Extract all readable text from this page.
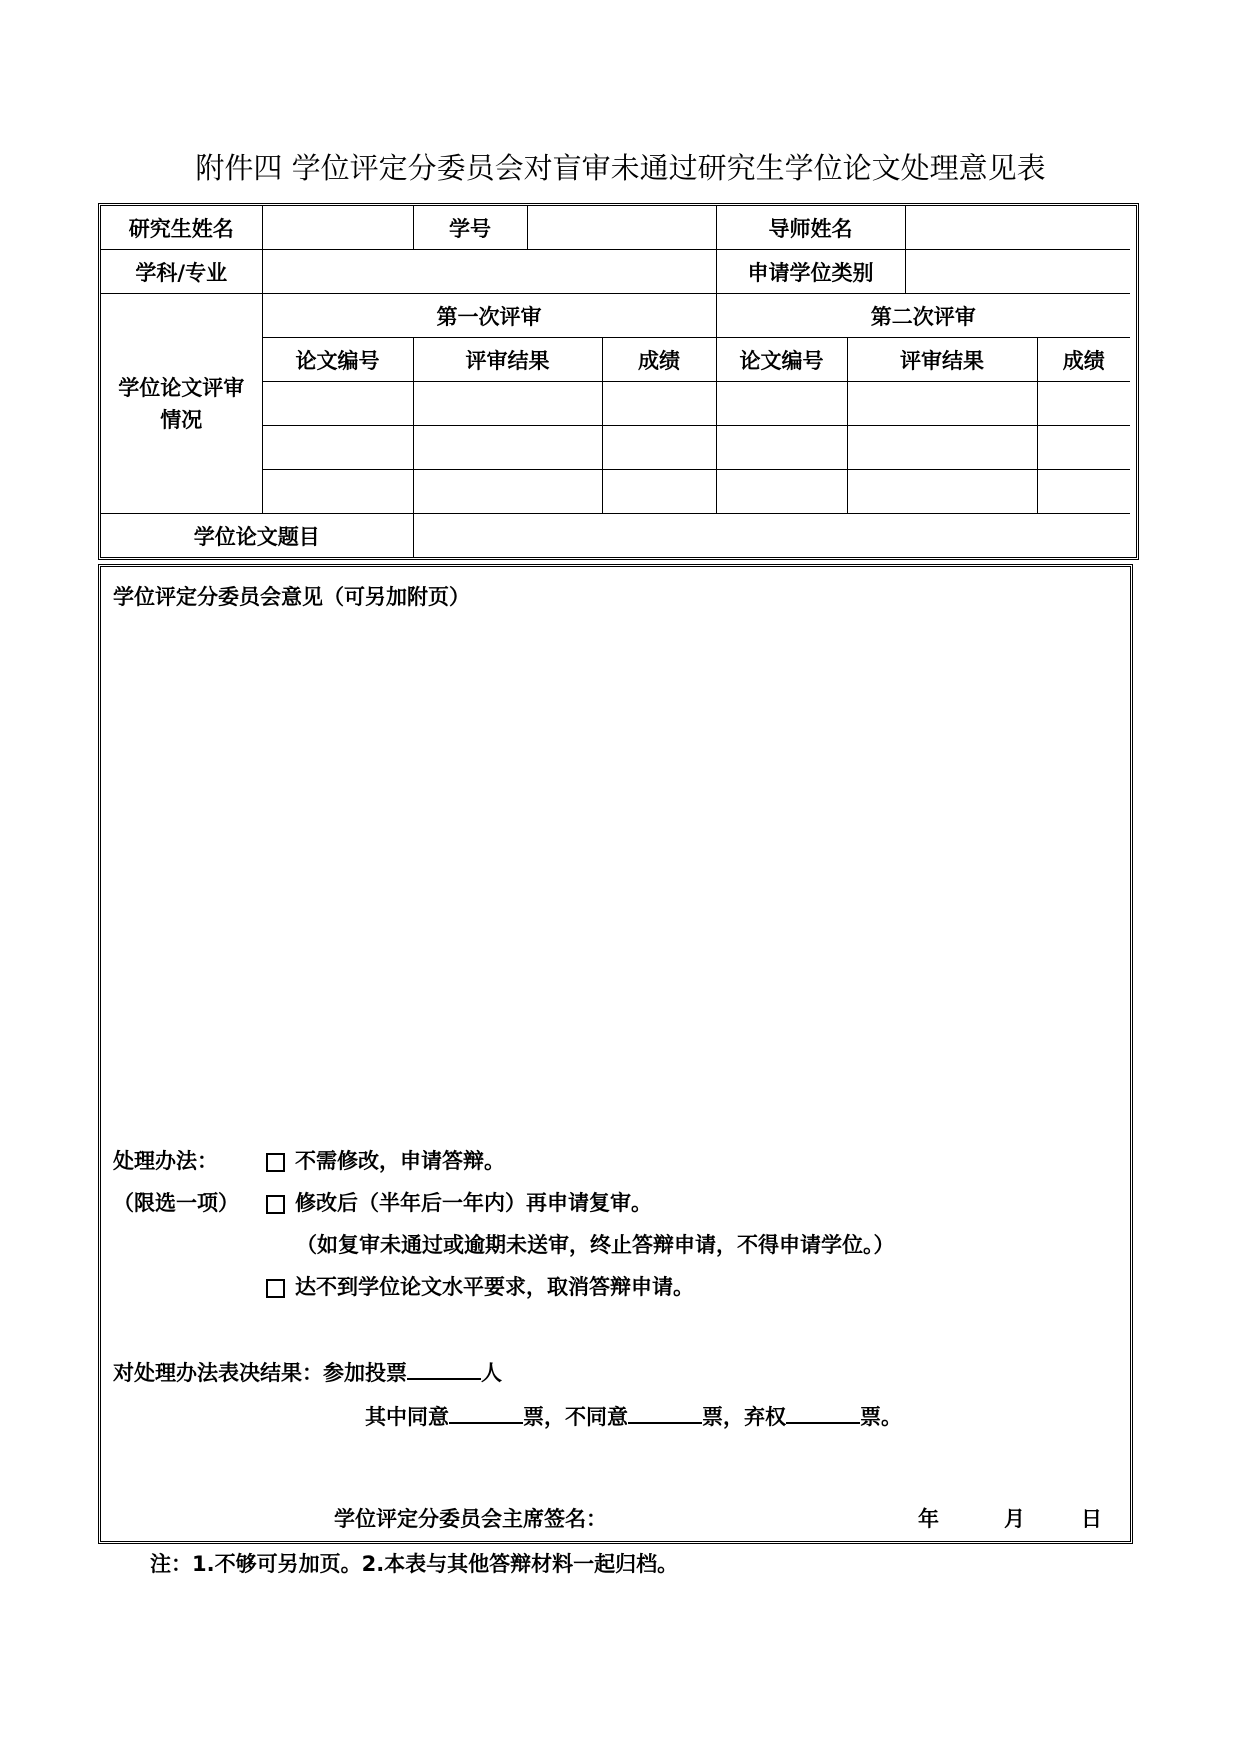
附件四 学位评定分委员会对盲审未通过研究生学位论文处理意见表
研究生姓名		学号			导师姓名			
学科/专业					申请学位类别			
学位论文评审情况	第一次评审				第二次评审			
	论文编号	评审结果		成绩	论文编号	评审结果		成绩

学位论文题目								
学位评定分委员会意见（可另加附页）
处理办法：
（限选一项）
不需修改，申请答辩。
修改后（半年后一年内）再申请复审。
（如复审未通过或逾期未送审，终止答辩申请，不得申请学位。）
达不到学位论文水平要求，取消答辩申请。
对处理办法表决结果：参加投票	人
其中同意	票，不同意	票，弃权	票。
学位评定分委员会主席签名：	年	月	日
注：1.不够可另加页。2.本表与其他答辩材料一起归档。
